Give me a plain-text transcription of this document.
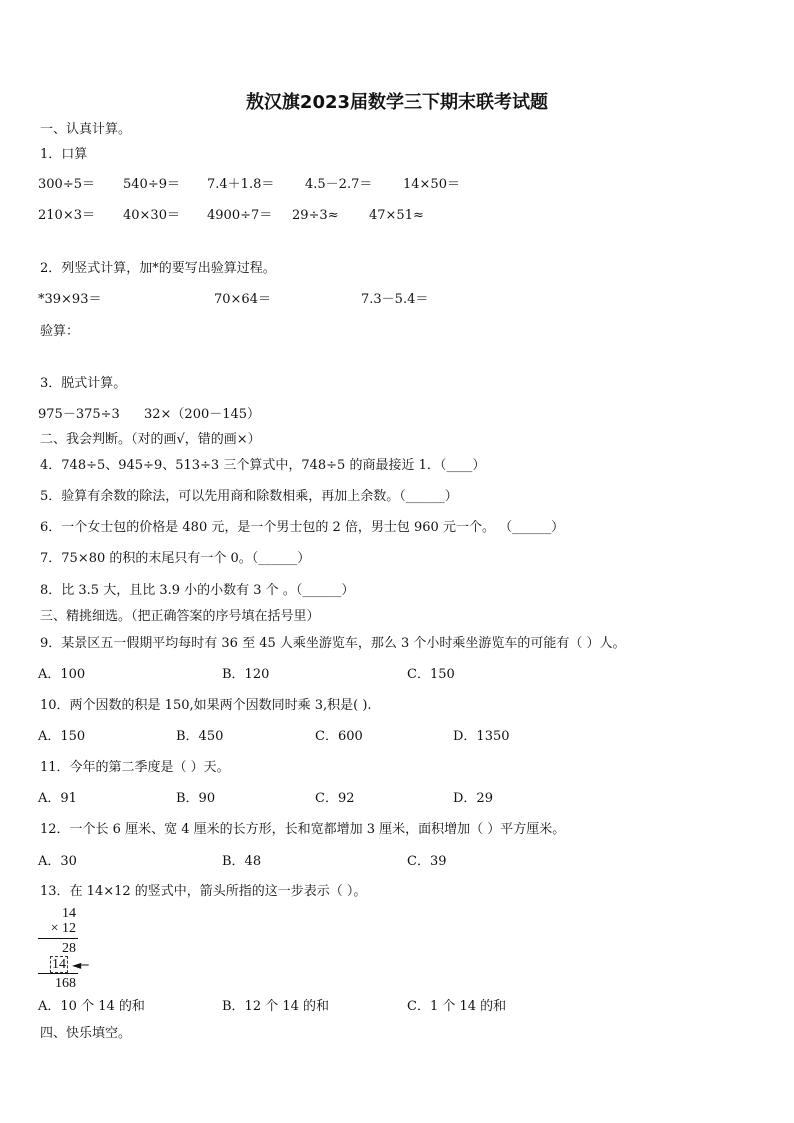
敖汉旗2023届数学三下期末联考试题
一、认真计算。
1．口算
300÷5＝ 540÷9＝ 7.4＋1.8＝ 4.5－2.7＝ 14×50＝
210×3＝ 40×30＝ 4900÷7＝ 29÷3≈ 47×51≈
2．列竖式计算，加*的要写出验算过程。
*39×93＝	70×64＝	7.3－5.4＝
验算：
3．脱式计算。
975－375÷3 32×（200－145）
二、我会判断。（对的画√，错的画×）
4．748÷5、945÷9、513÷3 三个算式中，748÷5 的商最接近 1．（____）
5．验算有余数的除法，可以先用商和除数相乘，再加上余数。（______）
6．一个女士包的价格是 480 元，是一个男士包的 2 倍，男士包 960 元一个。 （______）
7．75×80 的积的末尾只有一个 0。（______）
8．比 3.5 大，且比 3.9 小的小数有 3 个 。（______）
三、精挑细选。（把正确答案的序号填在括号里）
9．某景区五一假期平均每时有 36 至 45 人乘坐游览车，那么 3 个小时乘坐游览车的可能有（ ）人。
A．100	B．120	C．150
10．两个因数的积是 150,如果两个因数同时乘 3,积是( ).
A．150	B．450	C．600	D．1350
11．今年的第二季度是（ ）天。
A．91	B．90	C．92	D．29
12．一个长 6 厘米、宽 4 厘米的长方形，长和宽都增加 3 厘米，面积增加（ ）平方厘米。
A．30	B．48	C．39
13．在 14×12 的竖式中，箭头所指的这一步表示（ ）。
14
× 12
28
14 ◄─
168
A．10 个 14 的和	B．12 个 14 的和	C．1 个 14 的和
四、快乐填空。
